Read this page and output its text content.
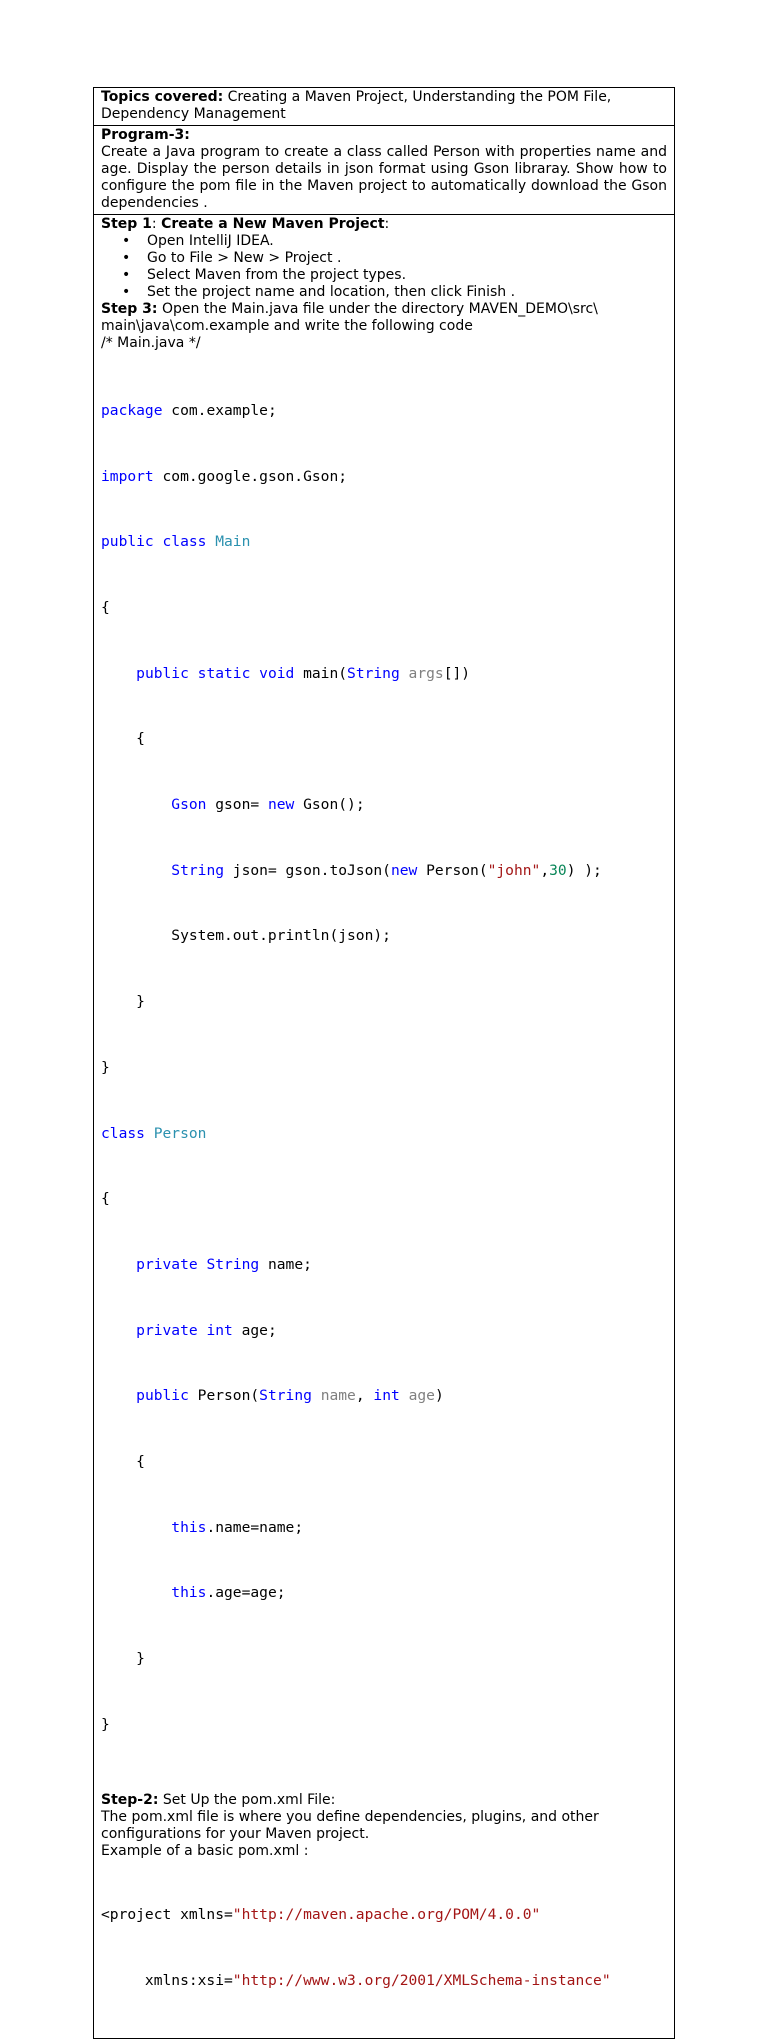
Topics covered: Creating a Maven Project, Understanding the POM File, Dependency Management
Program-3:
Create a Java program to create a class called Person with properties name and age. Display the person details in json format using Gson libraray. Show how to configure the pom file in the Maven project to automatically download the Gson dependencies .
Step 1: Create a New Maven Project:
• Open IntelliJ IDEA.
• Go to File > New > Project .
• Select Maven from the project types.
• Set the project name and location, then click Finish .
Step 3: Open the Main.java file under the directory MAVEN_DEMO\src\ main\java\com.example and write the following code
/* Main.java */

package com.example;

import com.google.gson.Gson;

public class Main

{

public static void main(String args[])

{

Gson gson= new Gson();

String json= gson.toJson(new Person("john",30) );

System.out.println(json);

}

}

class Person

{

private String name;

private int age;

public Person(String name, int age)

{

this.name=name;

this.age=age;

}

}

Step-2: Set Up the pom.xml File:
The pom.xml file is where you define dependencies, plugins, and other configurations for your Maven project.
Example of a basic pom.xml :

<project xmlns="http://maven.apache.org/POM/4.0.0"

xmlns:xsi="http://www.w3.org/2001/XMLSchema-instance"
